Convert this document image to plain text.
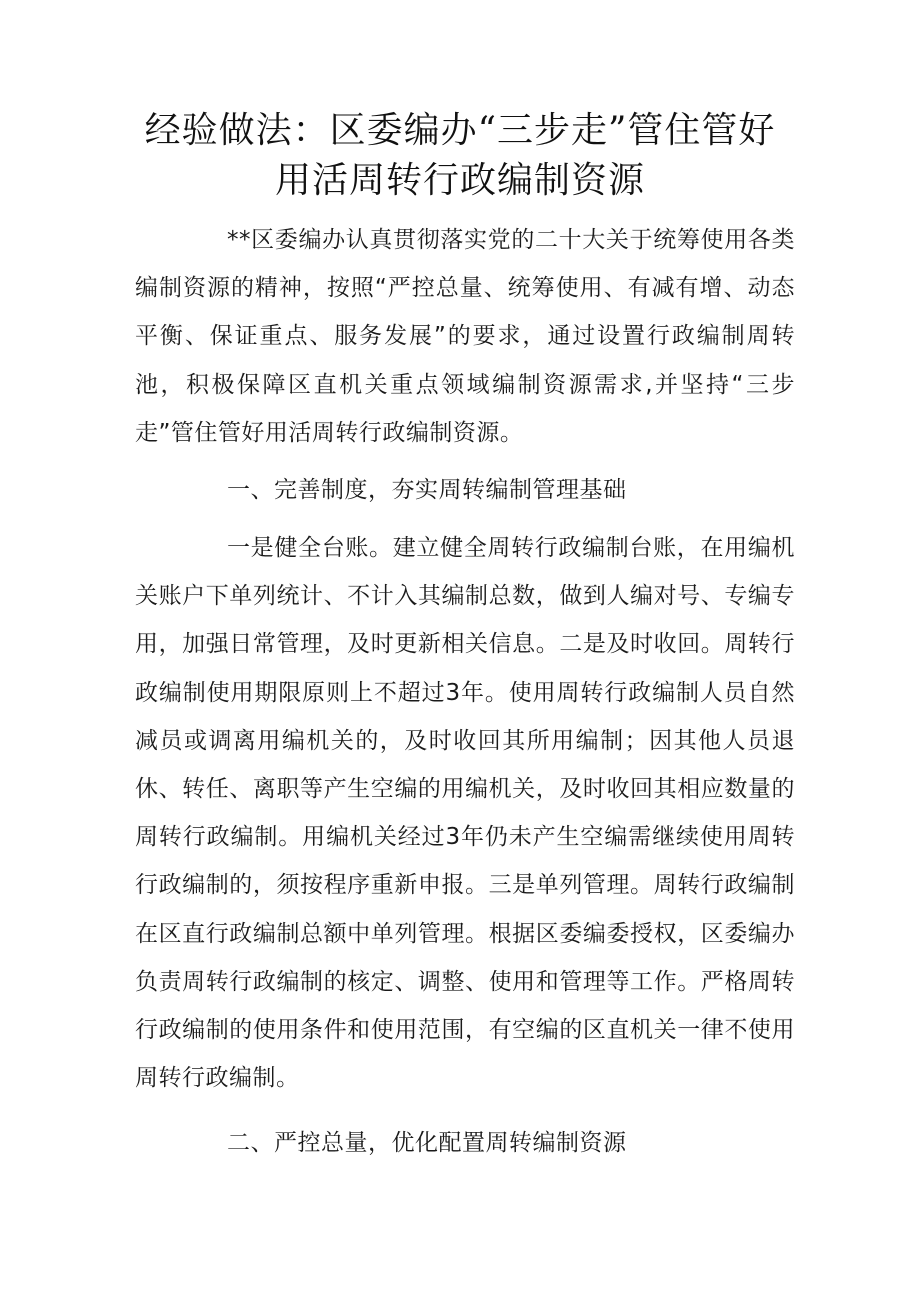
经验做法：区委编办“三步走”管住管好
用活周转行政编制资源

**区委编办认真贯彻落实党的二十大关于统筹使用各类编制资源的精神，按照“严控总量、统筹使用、有减有增、动态平衡、保证重点、服务发展”的要求，通过设置行政编制周转池，积极保障区直机关重点领域编制资源需求,并坚持“三步走”管住管好用活周转行政编制资源。

一、完善制度，夯实周转编制管理基础

一是健全台账。建立健全周转行政编制台账，在用编机关账户下单列统计、不计入其编制总数，做到人编对号、专编专用，加强日常管理，及时更新相关信息。二是及时收回。周转行政编制使用期限原则上不超过3年。使用周转行政编制人员自然减员或调离用编机关的，及时收回其所用编制；因其他人员退休、转任、离职等产生空编的用编机关，及时收回其相应数量的周转行政编制。用编机关经过3年仍未产生空编需继续使用周转行政编制的，须按程序重新申报。三是单列管理。周转行政编制在区直行政编制总额中单列管理。根据区委编委授权，区委编办负责周转行政编制的核定、调整、使用和管理等工作。严格周转行政编制的使用条件和使用范围，有空编的区直机关一律不使用周转行政编制。

二、严控总量，优化配置周转编制资源
